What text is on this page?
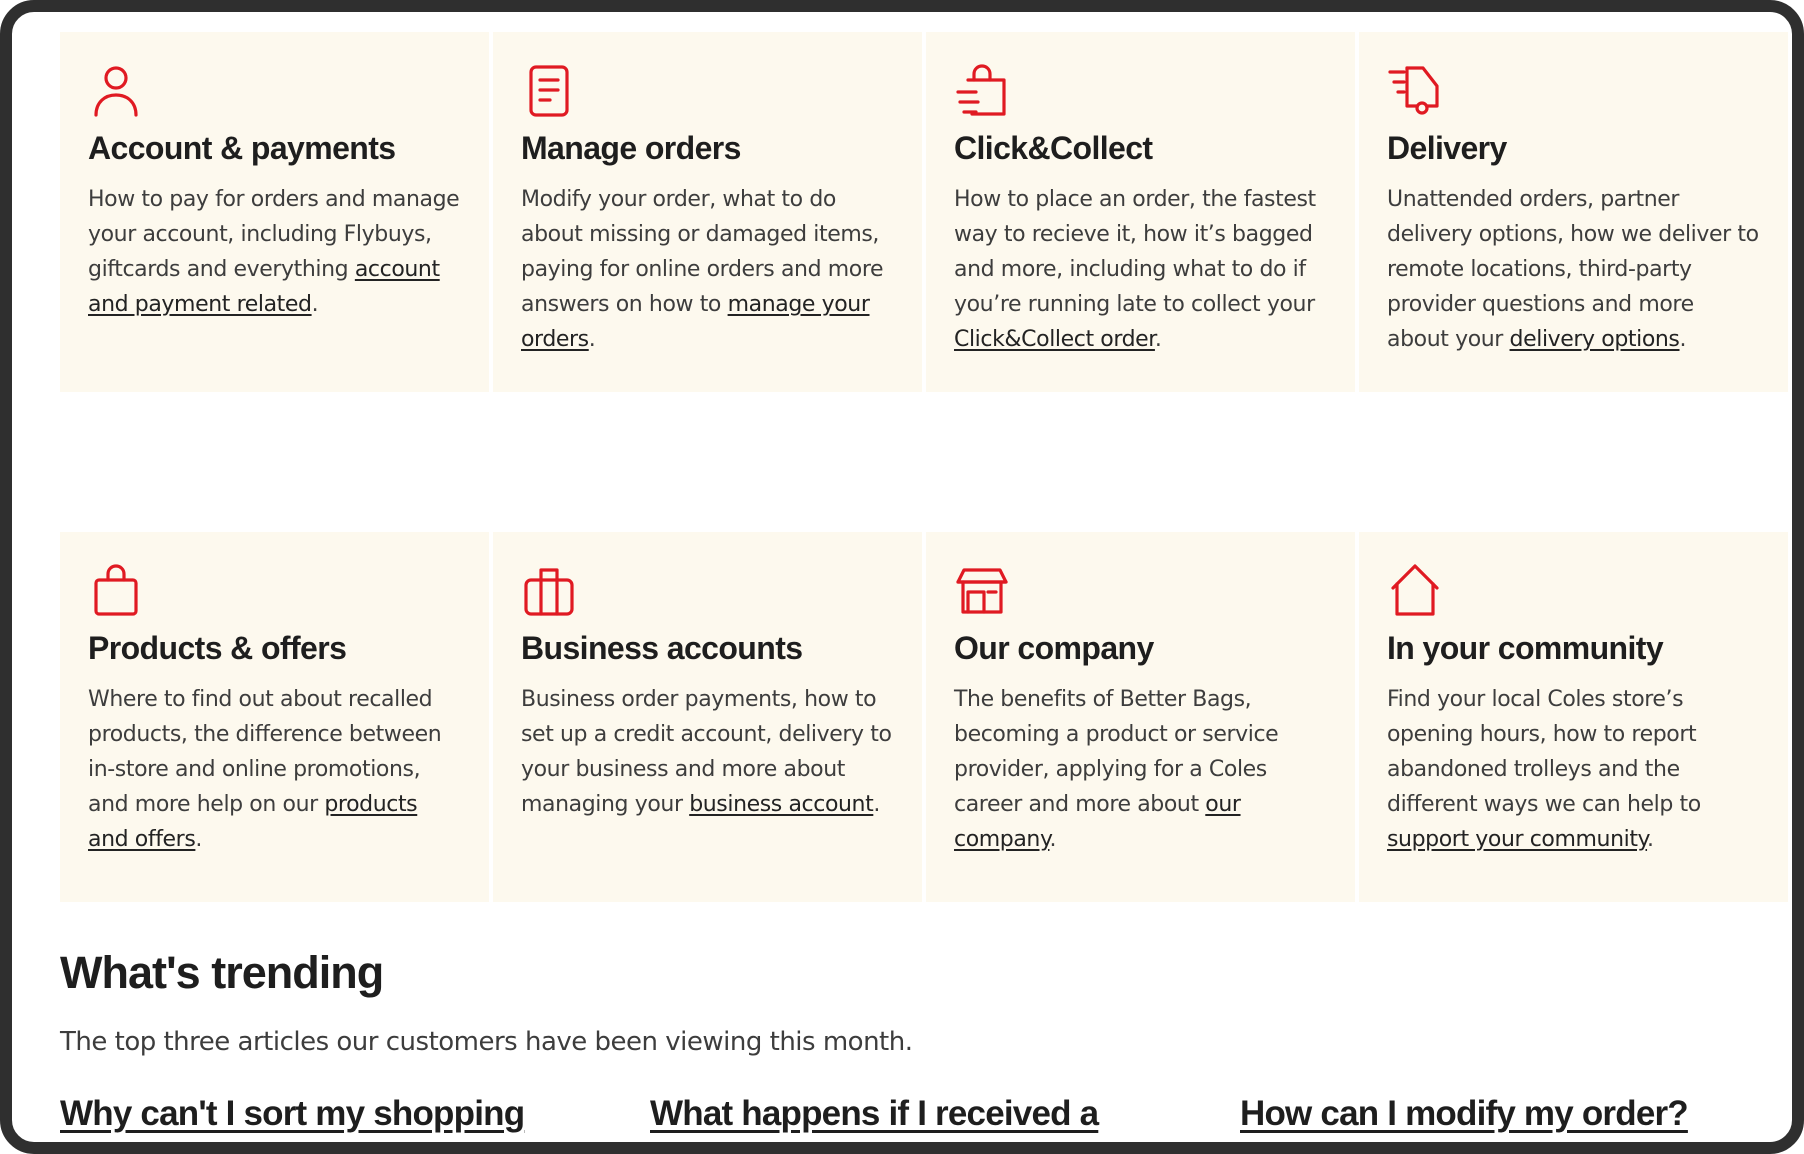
Account & payments

How to pay for orders and manage your account, including Flybuys, giftcards and everything account and payment related.

Manage orders

Modify your order, what to do about missing or damaged items, paying for online orders and more answers on how to manage your orders.

Click&Collect

How to place an order, the fastest way to recieve it, how it’s bagged and more, including what to do if you’re running late to collect your Click&Collect order.

Delivery

Unattended orders, partner delivery options, how we deliver to remote locations, third-party provider questions and more about your delivery options.

Products & offers

Where to find out about recalled products, the difference between in-store and online promotions, and more help on our products and offers.

Business accounts

Business order payments, how to set up a credit account, delivery to your business and more about managing your business account.

Our company

The benefits of Better Bags, becoming a product or service provider, applying for a Coles career and more about our company.

In your community

Find your local Coles store’s opening hours, how to report abandoned trolleys and the different ways we can help to support your community.

What's trending

The top three articles our customers have been viewing this month.

Why can't I sort my shopping	What happens if I received a	How can I modify my order?
